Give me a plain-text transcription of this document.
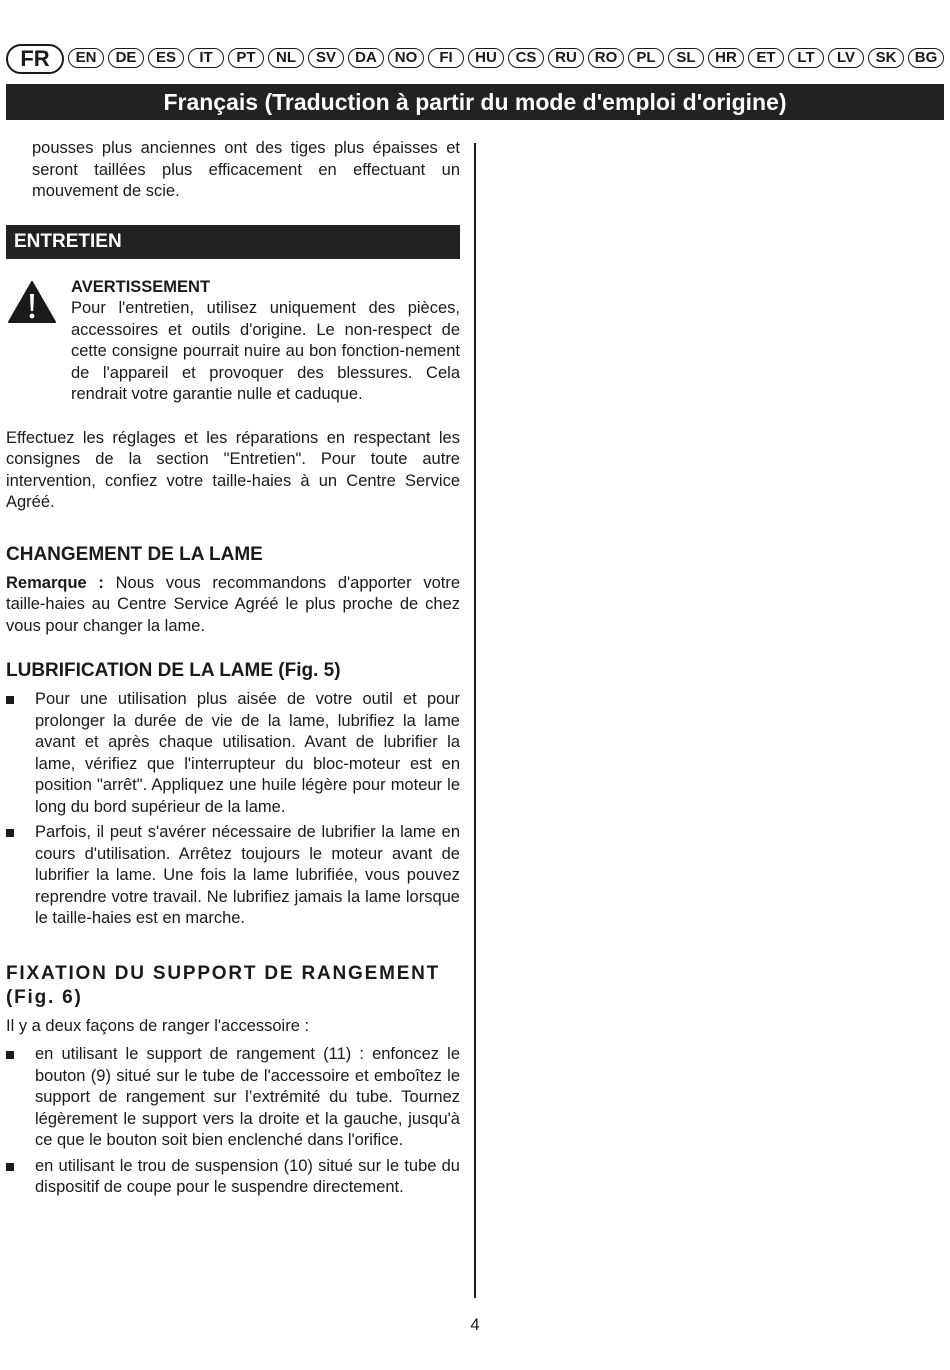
FR	EN	DE	ES	IT	PT	NL	SV	DA	NO	FI	HU	CS	RU	RO	PL	SL	HR	ET	LT	LV	SK	BG
Français (Traduction à partir du mode d'emploi d'origine)

pousses plus anciennes ont des tiges plus épaisses et seront taillées plus efficacement en effectuant un mouvement de scie.

ENTRETIEN
AVERTISSEMENT
Pour l'entretien, utilisez uniquement des pièces, accessoires et outils d'origine. Le non-respect de cette consigne pourrait nuire au bon fonction-nement de l'appareil et provoquer des blessures. Cela rendrait votre garantie nulle et caduque.

Effectuez les réglages et les réparations en respectant les consignes de la section "Entretien". Pour toute autre intervention, confiez votre taille-haies à un Centre Service Agréé.

CHANGEMENT DE LA LAME

Remarque : Nous vous recommandons d'apporter votre taille-haies au Centre Service Agréé le plus proche de chez vous pour changer la lame.

LUBRIFICATION DE LA LAME (Fig. 5)
Pour une utilisation plus aisée de votre outil et pour prolonger la durée de vie de la lame, lubrifiez la lame avant et après chaque utilisation. Avant de lubrifier la lame, vérifiez que l'interrupteur du bloc-moteur est en position "arrêt". Appliquez une huile légère pour moteur le long du bord supérieur de la lame.
Parfois, il peut s'avérer nécessaire de lubrifier la lame en cours d'utilisation. Arrêtez toujours le moteur avant de lubrifier la lame. Une fois la lame lubrifiée, vous pouvez reprendre votre travail. Ne lubrifiez jamais la lame lorsque le taille-haies est en marche.
FIXATION DU SUPPORT DE RANGEMENT (Fig. 6)

Il y a deux façons de ranger l'accessoire :

en utilisant le support de rangement (11) : enfoncez le bouton (9) situé sur le tube de l'accessoire et emboîtez le support de rangement sur l’extrémité du tube. Tournez légèrement le support vers la droite et la gauche, jusqu'à ce que le bouton soit bien enclenché dans l'orifice.
en utilisant le trou de suspension (10) situé sur le tube du dispositif de coupe pour le suspendre directement.
4
